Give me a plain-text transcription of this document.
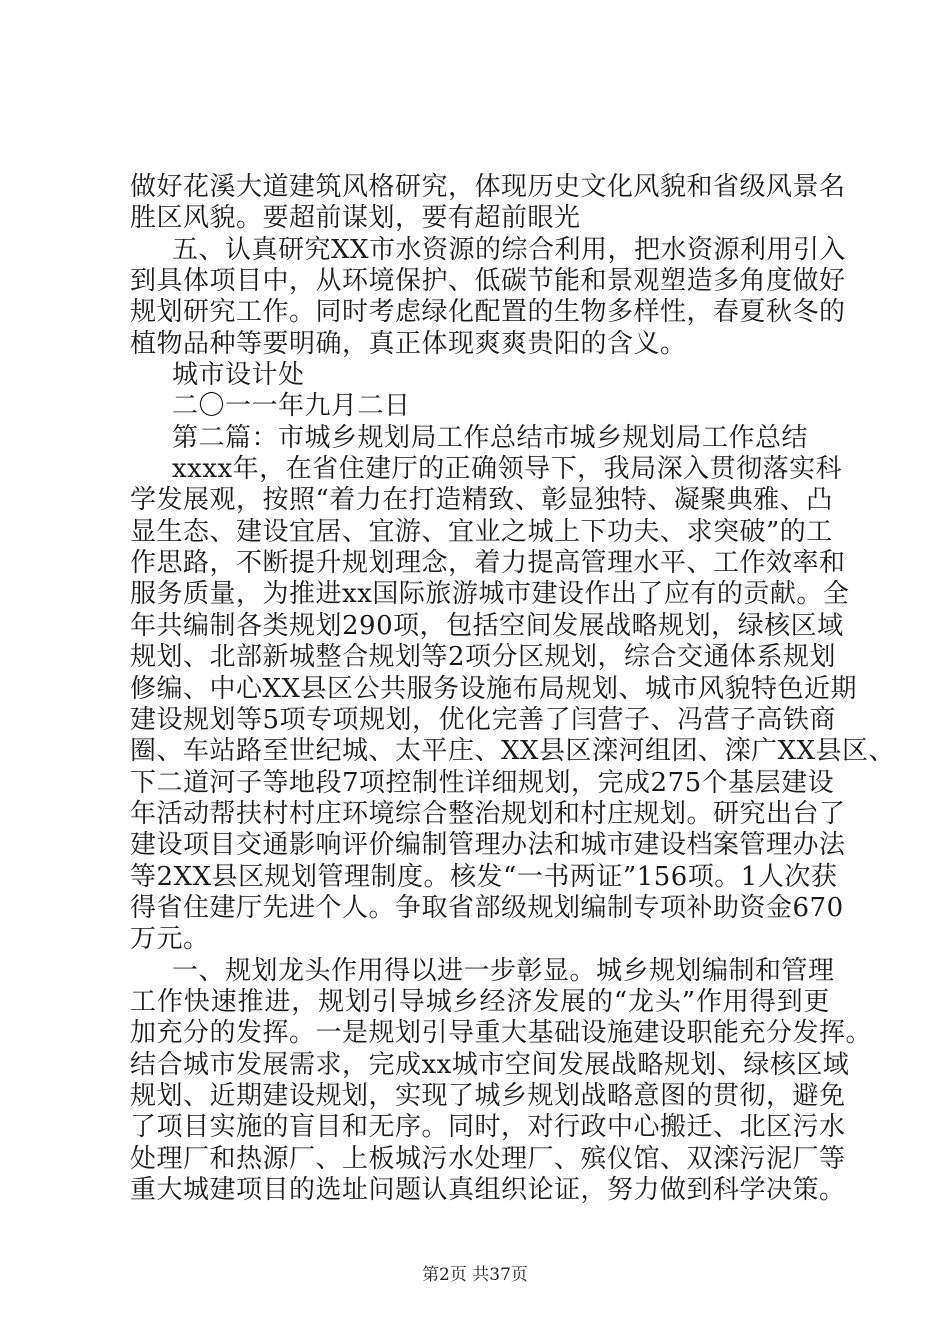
做好花溪大道建筑风格研究，体现历史文化风貌和省级风景名
胜区风貌。要超前谋划，要有超前眼光
五、认真研究XX市水资源的综合利用，把水资源利用引入
到具体项目中，从环境保护、低碳节能和景观塑造多角度做好
规划研究工作。同时考虑绿化配置的生物多样性，春夏秋冬的
植物品种等要明确，真正体现爽爽贵阳的含义。
城市设计处
二〇一一年九月二日
第二篇：市城乡规划局工作总结市城乡规划局工作总结
xxxx年，在省住建厅的正确领导下，我局深入贯彻落实科
学发展观，按照“着力在打造精致、彰显独特、凝聚典雅、凸
显生态、建设宜居、宜游、宜业之城上下功夫、求突破”的工
作思路，不断提升规划理念，着力提高管理水平、工作效率和
服务质量，为推进xx国际旅游城市建设作出了应有的贡献。全
年共编制各类规划290项，包括空间发展战略规划，绿核区域
规划、北部新城整合规划等2项分区规划，综合交通体系规划
修编、中心XX县区公共服务设施布局规划、城市风貌特色近期
建设规划等5项专项规划，优化完善了闫营子、冯营子高铁商
圈、车站路至世纪城、太平庄、XX县区滦河组团、滦广XX县区、
下二道河子等地段7项控制性详细规划，完成275个基层建设
年活动帮扶村村庄环境综合整治规划和村庄规划。研究出台了
建设项目交通影响评价编制管理办法和城市建设档案管理办法
等2XX县区规划管理制度。核发“一书两证”156项。1人次获
得省住建厅先进个人。争取省部级规划编制专项补助资金670
万元。
一、规划龙头作用得以进一步彰显。城乡规划编制和管理
工作快速推进，规划引导城乡经济发展的“龙头”作用得到更
加充分的发挥。一是规划引导重大基础设施建设职能充分发挥。
结合城市发展需求，完成xx城市空间发展战略规划、绿核区域
规划、近期建设规划，实现了城乡规划战略意图的贯彻，避免
了项目实施的盲目和无序。同时，对行政中心搬迁、北区污水
处理厂和热源厂、上板城污水处理厂、殡仪馆、双滦污泥厂等
重大城建项目的选址问题认真组织论证，努力做到科学决策。
第2页 共37页
